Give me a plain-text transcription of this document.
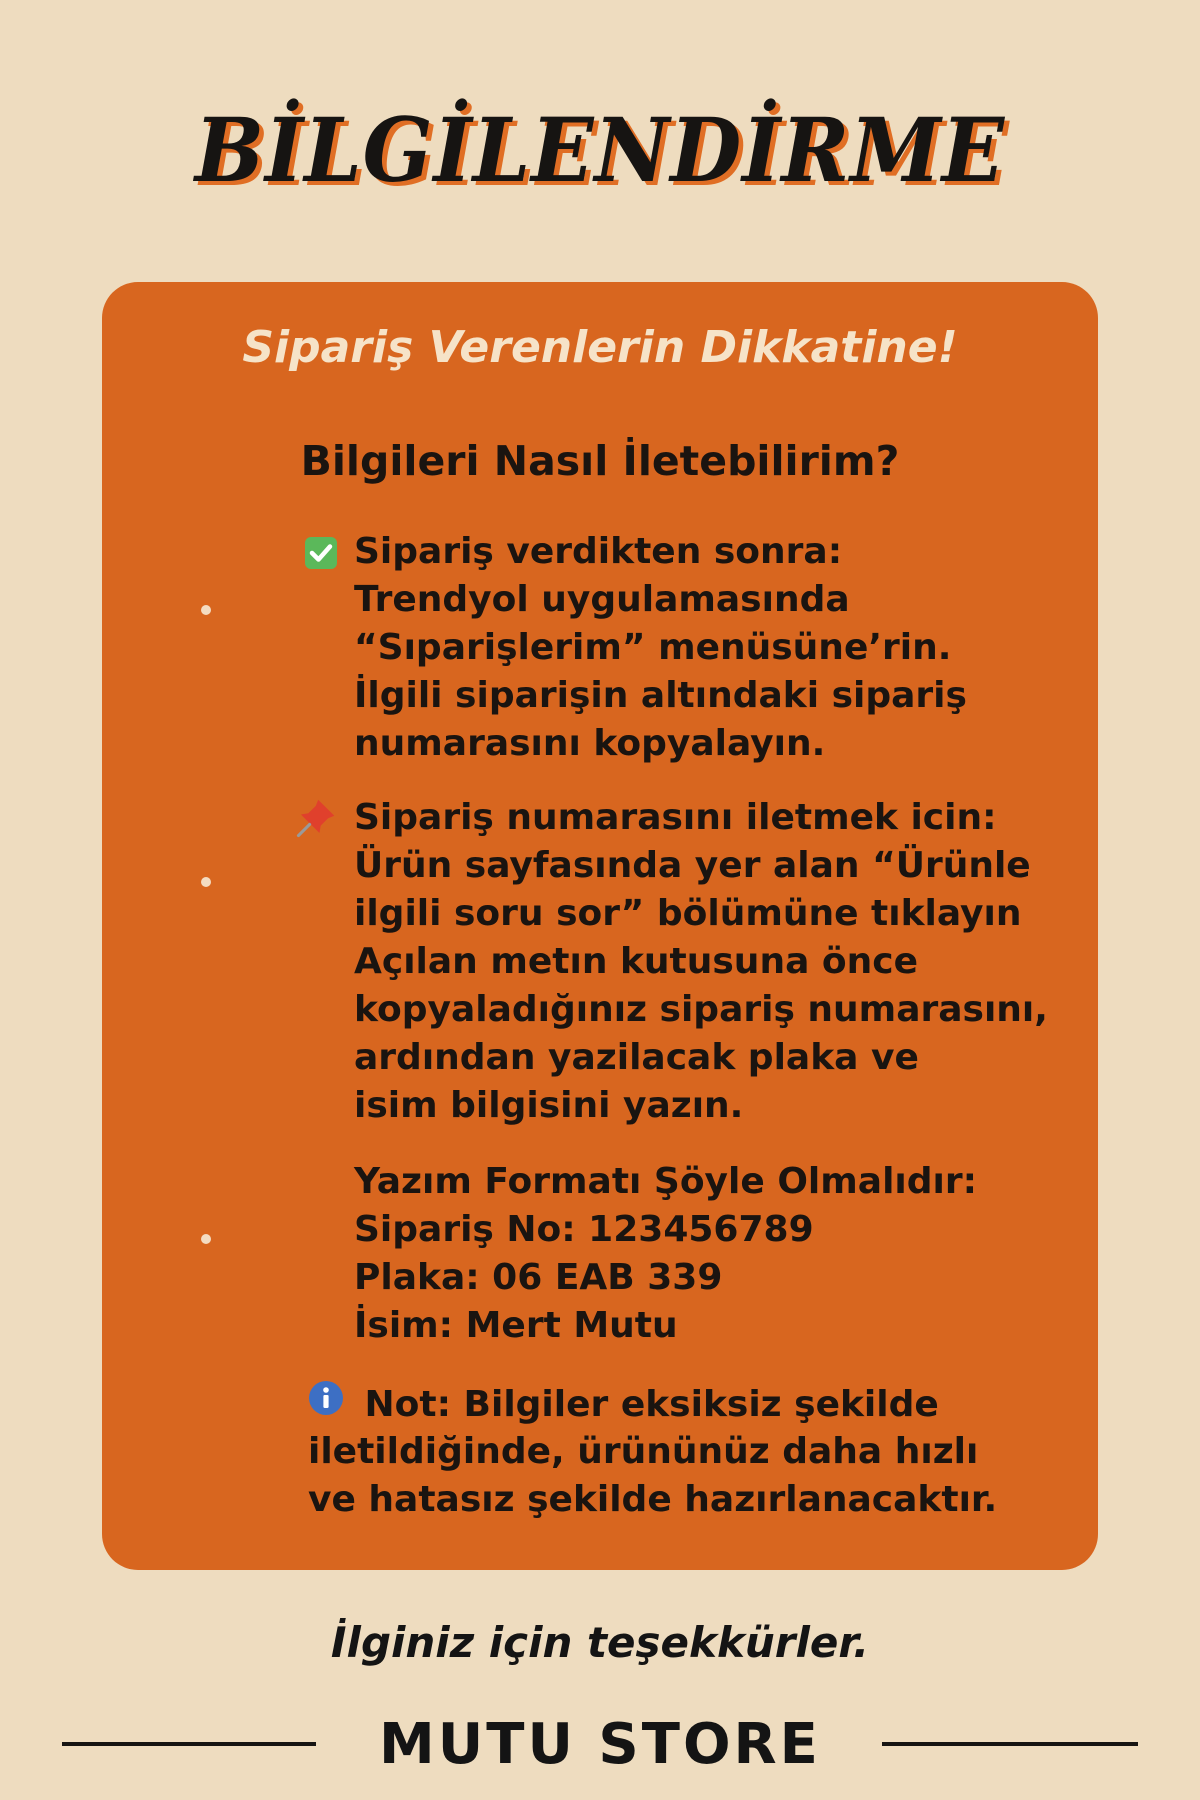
BİLGİLENDİRME
Sipariş Verenlerin Dikkatine!
Bilgileri Nasıl İletebilirim?
Sipariş verdikten sonra:
Trendyol uygulamasında
“Sıparişlerim” menüsüne’rin.
İlgili siparişin altındaki sipariş
numarasını kopyalayın.
Sipariş numarasını iletmek icin:
Ürün sayfasında yer alan “Ürünle
ilgili soru sor” bölümüne tıklayın
Açılan metın kutusuna önce
kopyaladığınız sipariş numarasını,
ardından yazilacak plaka ve
isim bilgisini yazın.
Yazım Formatı Şöyle Olmalıdır:
Sipariş No: 123456789
Plaka: 06 EAB 339
İsim: Mert Mutu
Not: Bilgiler eksiksiz şekilde
iletildiğinde, ürününüz daha hızlı
ve hatasız şekilde hazırlanacaktır.
İlginiz için teşekkürler.
MUTU STORE
